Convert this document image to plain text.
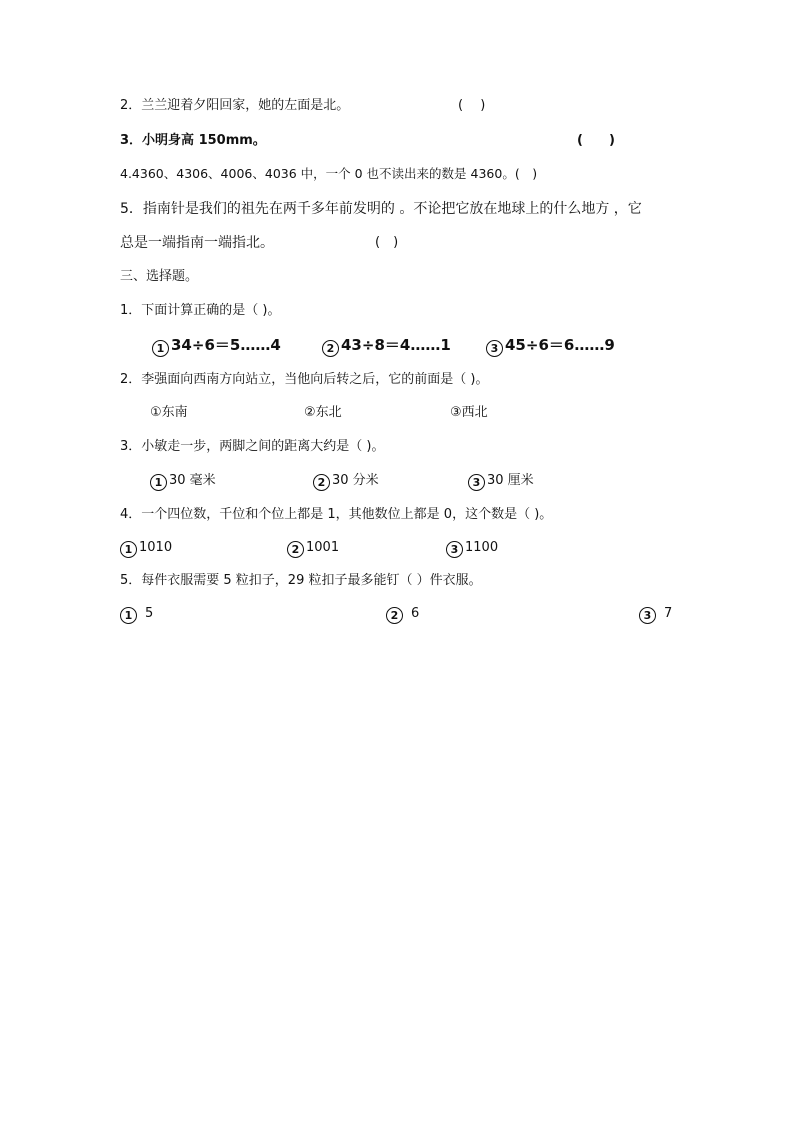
2．兰兰迎着夕阳回家，她的左面是北。	(　 )
3．小明身高 150mm。	(　　)
4.4360、4306、4006、4036 中，一个 0 也不读出来的数是 4360。(　)
5．指南针是我们的祖先在两千多年前发明的 。不论把它放在地球上的什么地方 ，它
总是一端指南一端指北。	(　)
三、选择题。
1．下面计算正确的是（ )。
1 34÷6＝5……4	2 43÷8＝4……1	3 45÷6＝6……9
2．李强面向西南方向站立，当他向后转之后，它的前面是（ )。
①东南	②东北	③西北
3．小敏走一步，两脚之间的距离大约是（ )。
1 30 毫米	2 30 分米	3 30 厘米
4．一个四位数，千位和个位上都是 1，其他数位上都是 0，这个数是（ )。
1 1010	2 1001	3 1100
5．每件衣服需要 5 粒扣子，29 粒扣子最多能钉（ ）件衣服。
1 5	2 6	3 7
